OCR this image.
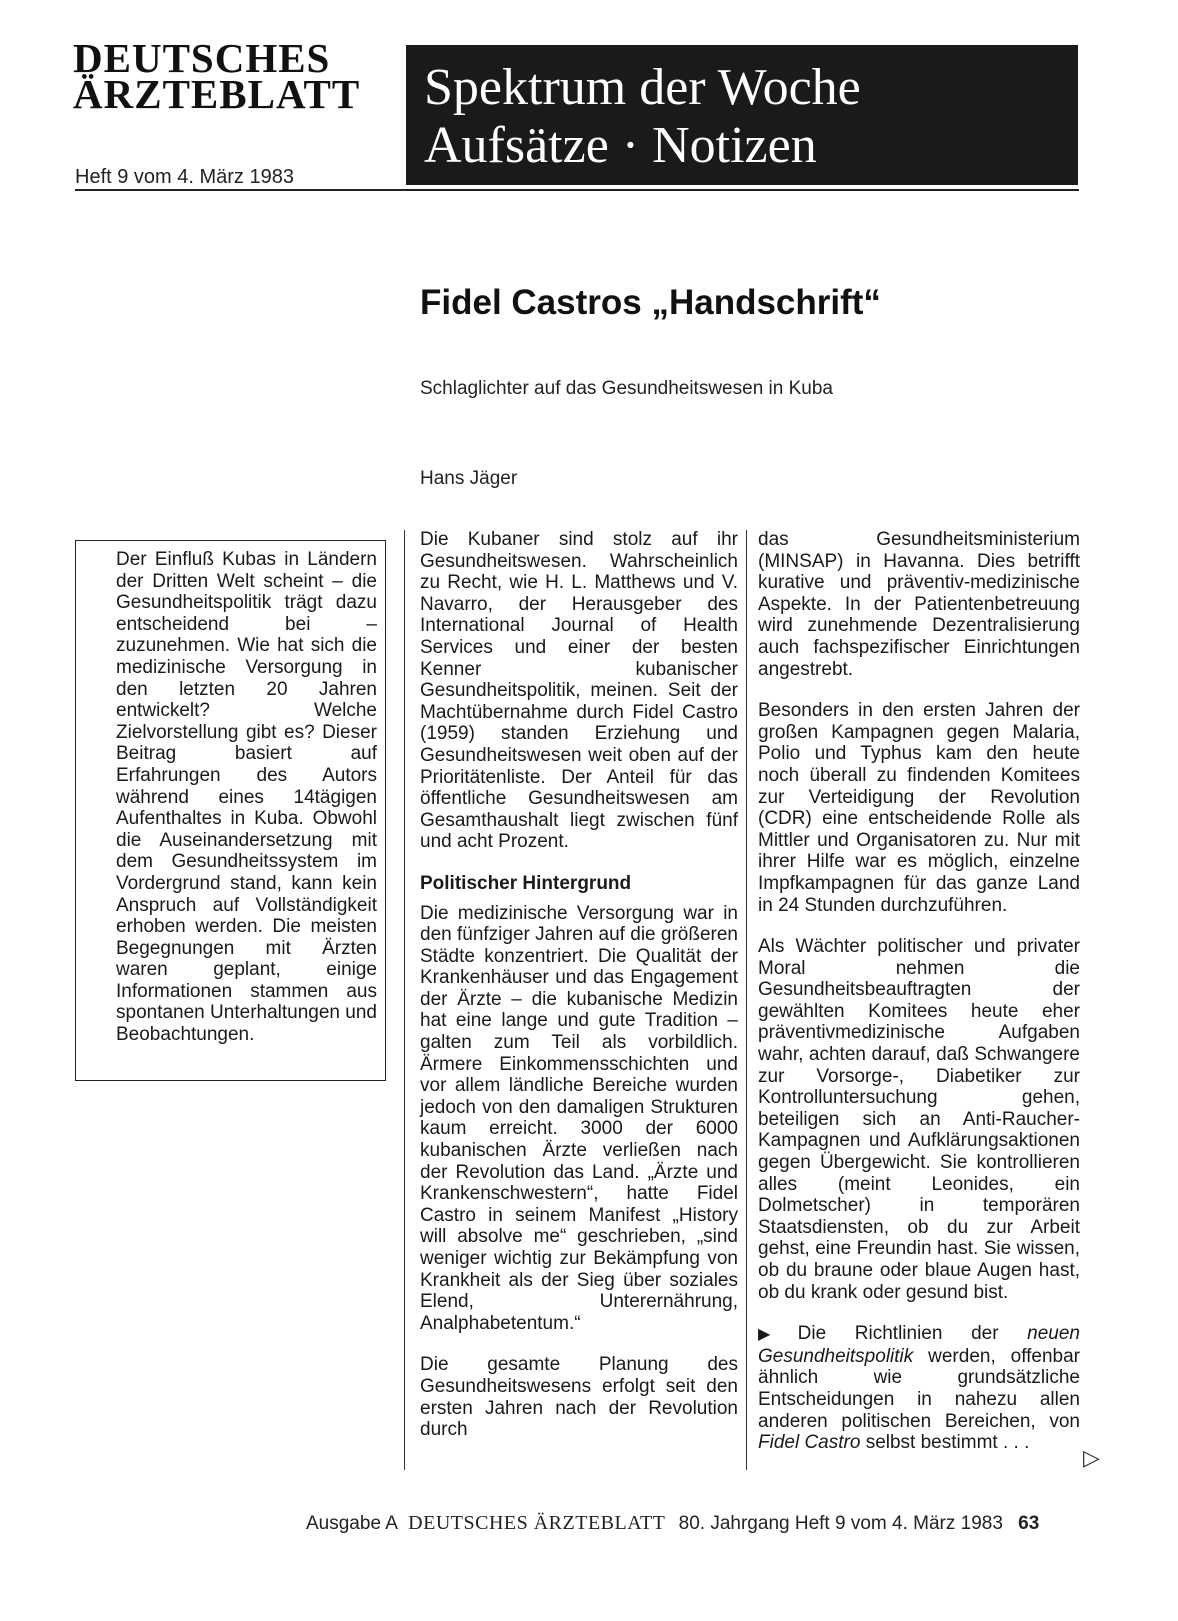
DEUTSCHES
ÄRZTEBLATT
Heft 9 vom 4. März 1983
Spektrum der Woche
Aufsätze · Notizen
Fidel Castros „Handschrift“
Schlaglichter auf das Gesundheitswesen in Kuba
Hans Jäger

Der Einfluß Kubas in Ländern der Dritten Welt scheint – die Gesundheitspolitik trägt dazu entscheidend bei – zuzunehmen. Wie hat sich die medizinische Versorgung in den letzten 20 Jahren entwickelt? Welche Zielvorstellung gibt es? Dieser Beitrag basiert auf Erfahrungen des Autors während eines 14tägigen Aufenthaltes in Kuba. Obwohl die Auseinandersetzung mit dem Gesundheitssystem im Vordergrund stand, kann kein Anspruch auf Vollständigkeit erhoben werden. Die meisten Begegnungen mit Ärzten waren geplant, einige Informationen stammen aus spontanen Unterhaltungen und Beobachtungen.

Die Kubaner sind stolz auf ihr Gesundheitswesen. Wahrscheinlich zu Recht, wie H. L. Matthews und V. Navarro, der Herausgeber des International Journal of Health Services und einer der besten Kenner kubanischer Gesundheitspolitik, meinen. Seit der Machtübernahme durch Fidel Castro (1959) standen Erziehung und Gesundheitswesen weit oben auf der Prioritätenliste. Der Anteil für das öffentliche Gesundheitswesen am Gesamthaushalt liegt zwischen fünf und acht Prozent.

Politischer Hintergrund

Die medizinische Versorgung war in den fünfziger Jahren auf die größeren Städte konzentriert. Die Qualität der Krankenhäuser und das Engagement der Ärzte – die kubanische Medizin hat eine lange und gute Tradition – galten zum Teil als vorbildlich. Ärmere Einkommensschichten und vor allem ländliche Bereiche wurden jedoch von den damaligen Strukturen kaum erreicht. 3000 der 6000 kubanischen Ärzte verließen nach der Revolution das Land. „Ärzte und Krankenschwestern“, hatte Fidel Castro in seinem Manifest „History will absolve me“ geschrieben, „sind weniger wichtig zur Bekämpfung von Krankheit als der Sieg über soziales Elend, Unterernährung, Analphabetentum.“

Die gesamte Planung des Gesundheitswesens erfolgt seit den ersten Jahren nach der Revolution durch

das Gesundheitsministerium (MINSAP) in Havanna. Dies betrifft kurative und präventiv-medizinische Aspekte. In der Patientenbetreuung wird zunehmende Dezentralisierung auch fachspezifischer Einrichtungen angestrebt.

Besonders in den ersten Jahren der großen Kampagnen gegen Malaria, Polio und Typhus kam den heute noch überall zu findenden Komitees zur Verteidigung der Revolution (CDR) eine entscheidende Rolle als Mittler und Organisatoren zu. Nur mit ihrer Hilfe war es möglich, einzelne Impfkampagnen für das ganze Land in 24 Stunden durchzuführen.

Als Wächter politischer und privater Moral nehmen die Gesundheitsbeauftragten der gewählten Komitees heute eher präventivmedizinische Aufgaben wahr, achten darauf, daß Schwangere zur Vorsorge-, Diabetiker zur Kontrolluntersuchung gehen, beteiligen sich an Anti-Raucher-Kampagnen und Aufklärungsaktionen gegen Übergewicht. Sie kontrollieren alles (meint Leonides, ein Dolmetscher) in temporären Staatsdiensten, ob du zur Arbeit gehst, eine Freundin hast. Sie wissen, ob du braune oder blaue Augen hast, ob du krank oder gesund bist.

▶ Die Richtlinien der neuen Gesundheitspolitik werden, offenbar ähnlich wie grundsätzliche Entscheidungen in nahezu allen anderen politischen Bereichen, von Fidel Castro selbst bestimmt . . .

▷
Ausgabe A DEUTSCHES ÄRZTEBLATT 80. Jahrgang Heft 9 vom 4. März 1983 63
